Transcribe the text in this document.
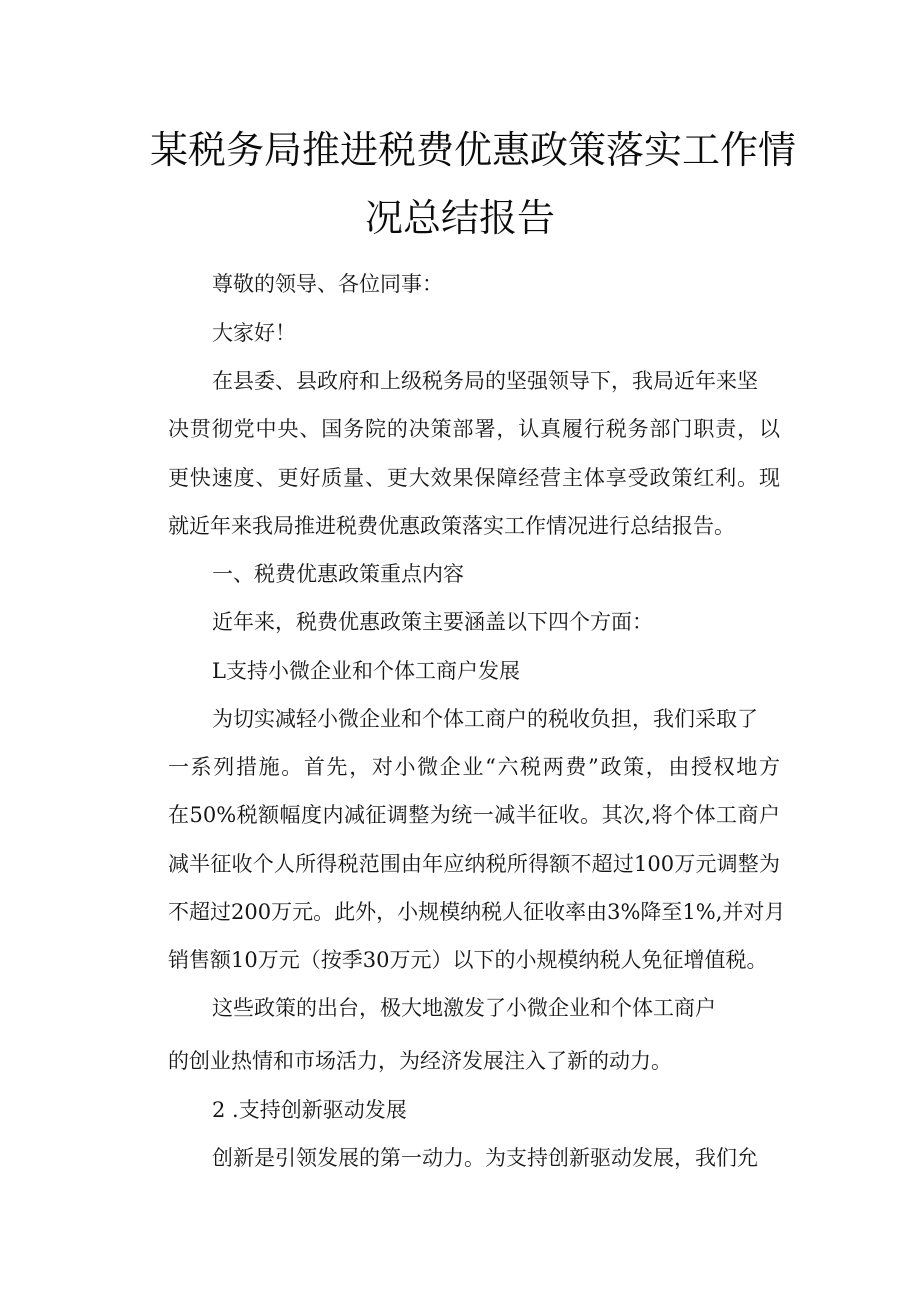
某税务局推进税费优惠政策落实工作情
况总结报告
尊敬的领导、各位同事：
大家好！
在县委、县政府和上级税务局的坚强领导下，我局近年来坚
决贯彻党中央、国务院的决策部署，认真履行税务部门职责，以
更快速度、更好质量、更大效果保障经营主体享受政策红利。现
就近年来我局推进税费优惠政策落实工作情况进行总结报告。
一、税费优惠政策重点内容
近年来，税费优惠政策主要涵盖以下四个方面：
L支持小微企业和个体工商户发展
为切实减轻小微企业和个体工商户的税收负担，我们采取了
一系列措施。首先，对小微企业“六税两费”政策，由授权地方
在50%税额幅度内减征调整为统一减半征收。其次,将个体工商户
减半征收个人所得税范围由年应纳税所得额不超过100万元调整为
不超过200万元。此外，小规模纳税人征收率由3%降至1%,并对月
销售额10万元（按季30万元）以下的小规模纳税人免征增值税。
这些政策的出台，极大地激发了小微企业和个体工商户
的创业热情和市场活力，为经济发展注入了新的动力。
2 .支持创新驱动发展
创新是引领发展的第一动力。为支持创新驱动发展，我们允
